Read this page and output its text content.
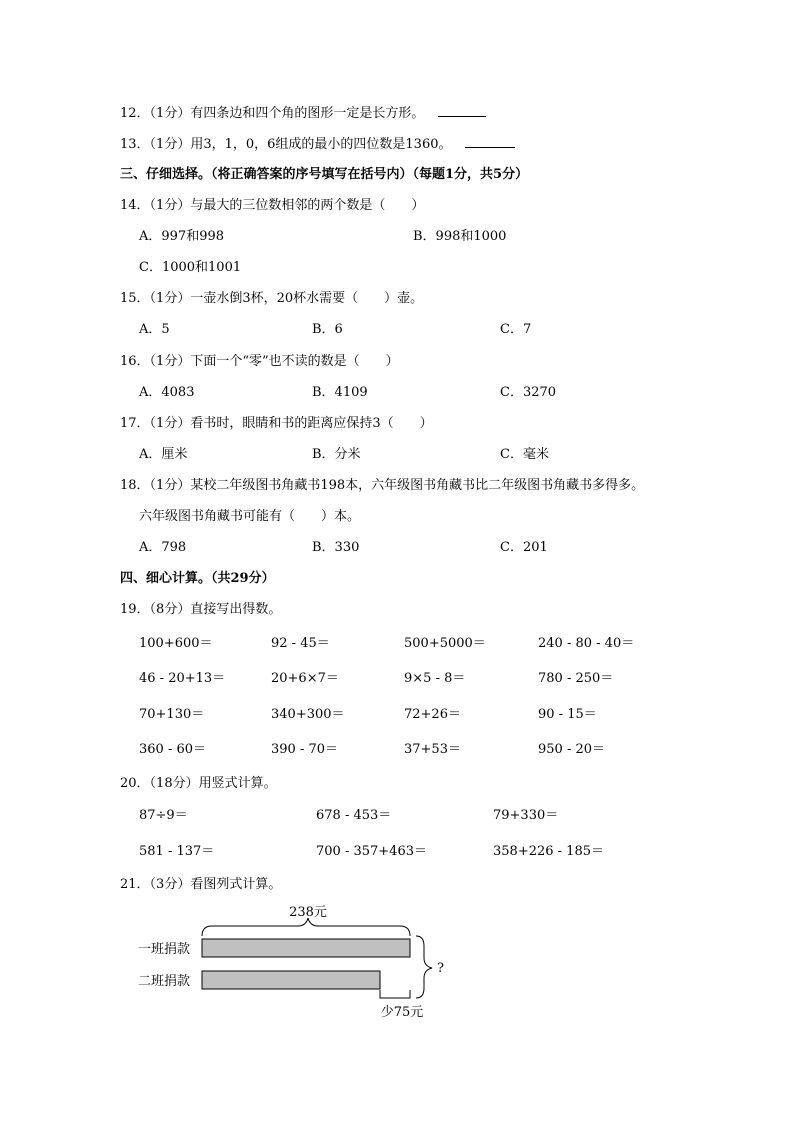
12．（1分）有四条边和四个角的图形一定是长方形。
13．（1分）用3，1，0，6组成的最小的四位数是1360。
三、仔细选择。（将正确答案的序号填写在括号内）（每题1分，共5分）
14．（1分）与最大的三位数相邻的两个数是（　　）
A．997和998	B．998和1000
C．1000和1001
15．（1分）一壶水倒3杯，20杯水需要（　　）壶。
A．5	B．6	C．7
16．（1分）下面一个“零”也不读的数是（　　）
A．4083	B．4109	C．3270
17．（1分）看书时，眼睛和书的距离应保持3（　　）
A．厘米	B．分米	C．毫米
18．（1分）某校二年级图书角藏书198本，六年级图书角藏书比二年级图书角藏书多得多。
六年级图书角藏书可能有（　　）本。
A．798	B．330	C．201
四、细心计算。（共29分）
19．（8分）直接写出得数。
100+600＝	92 - 45＝	500+5000＝	240 - 80 - 40＝
46 - 20+13＝	20+6×7＝	9×5 - 8＝	780 - 250＝
70+130＝	340+300＝	72+26＝	90 - 15＝
360 - 60＝	390 - 70＝	37+53＝	950 - 20＝
20．（18分）用竖式计算。
87÷9＝	678 - 453＝	79+330＝
581 - 137＝	700 - 357+463＝	358+226 - 185＝
21．（3分）看图列式计算。
238元
一班捐款
二班捐款
?
少75元
